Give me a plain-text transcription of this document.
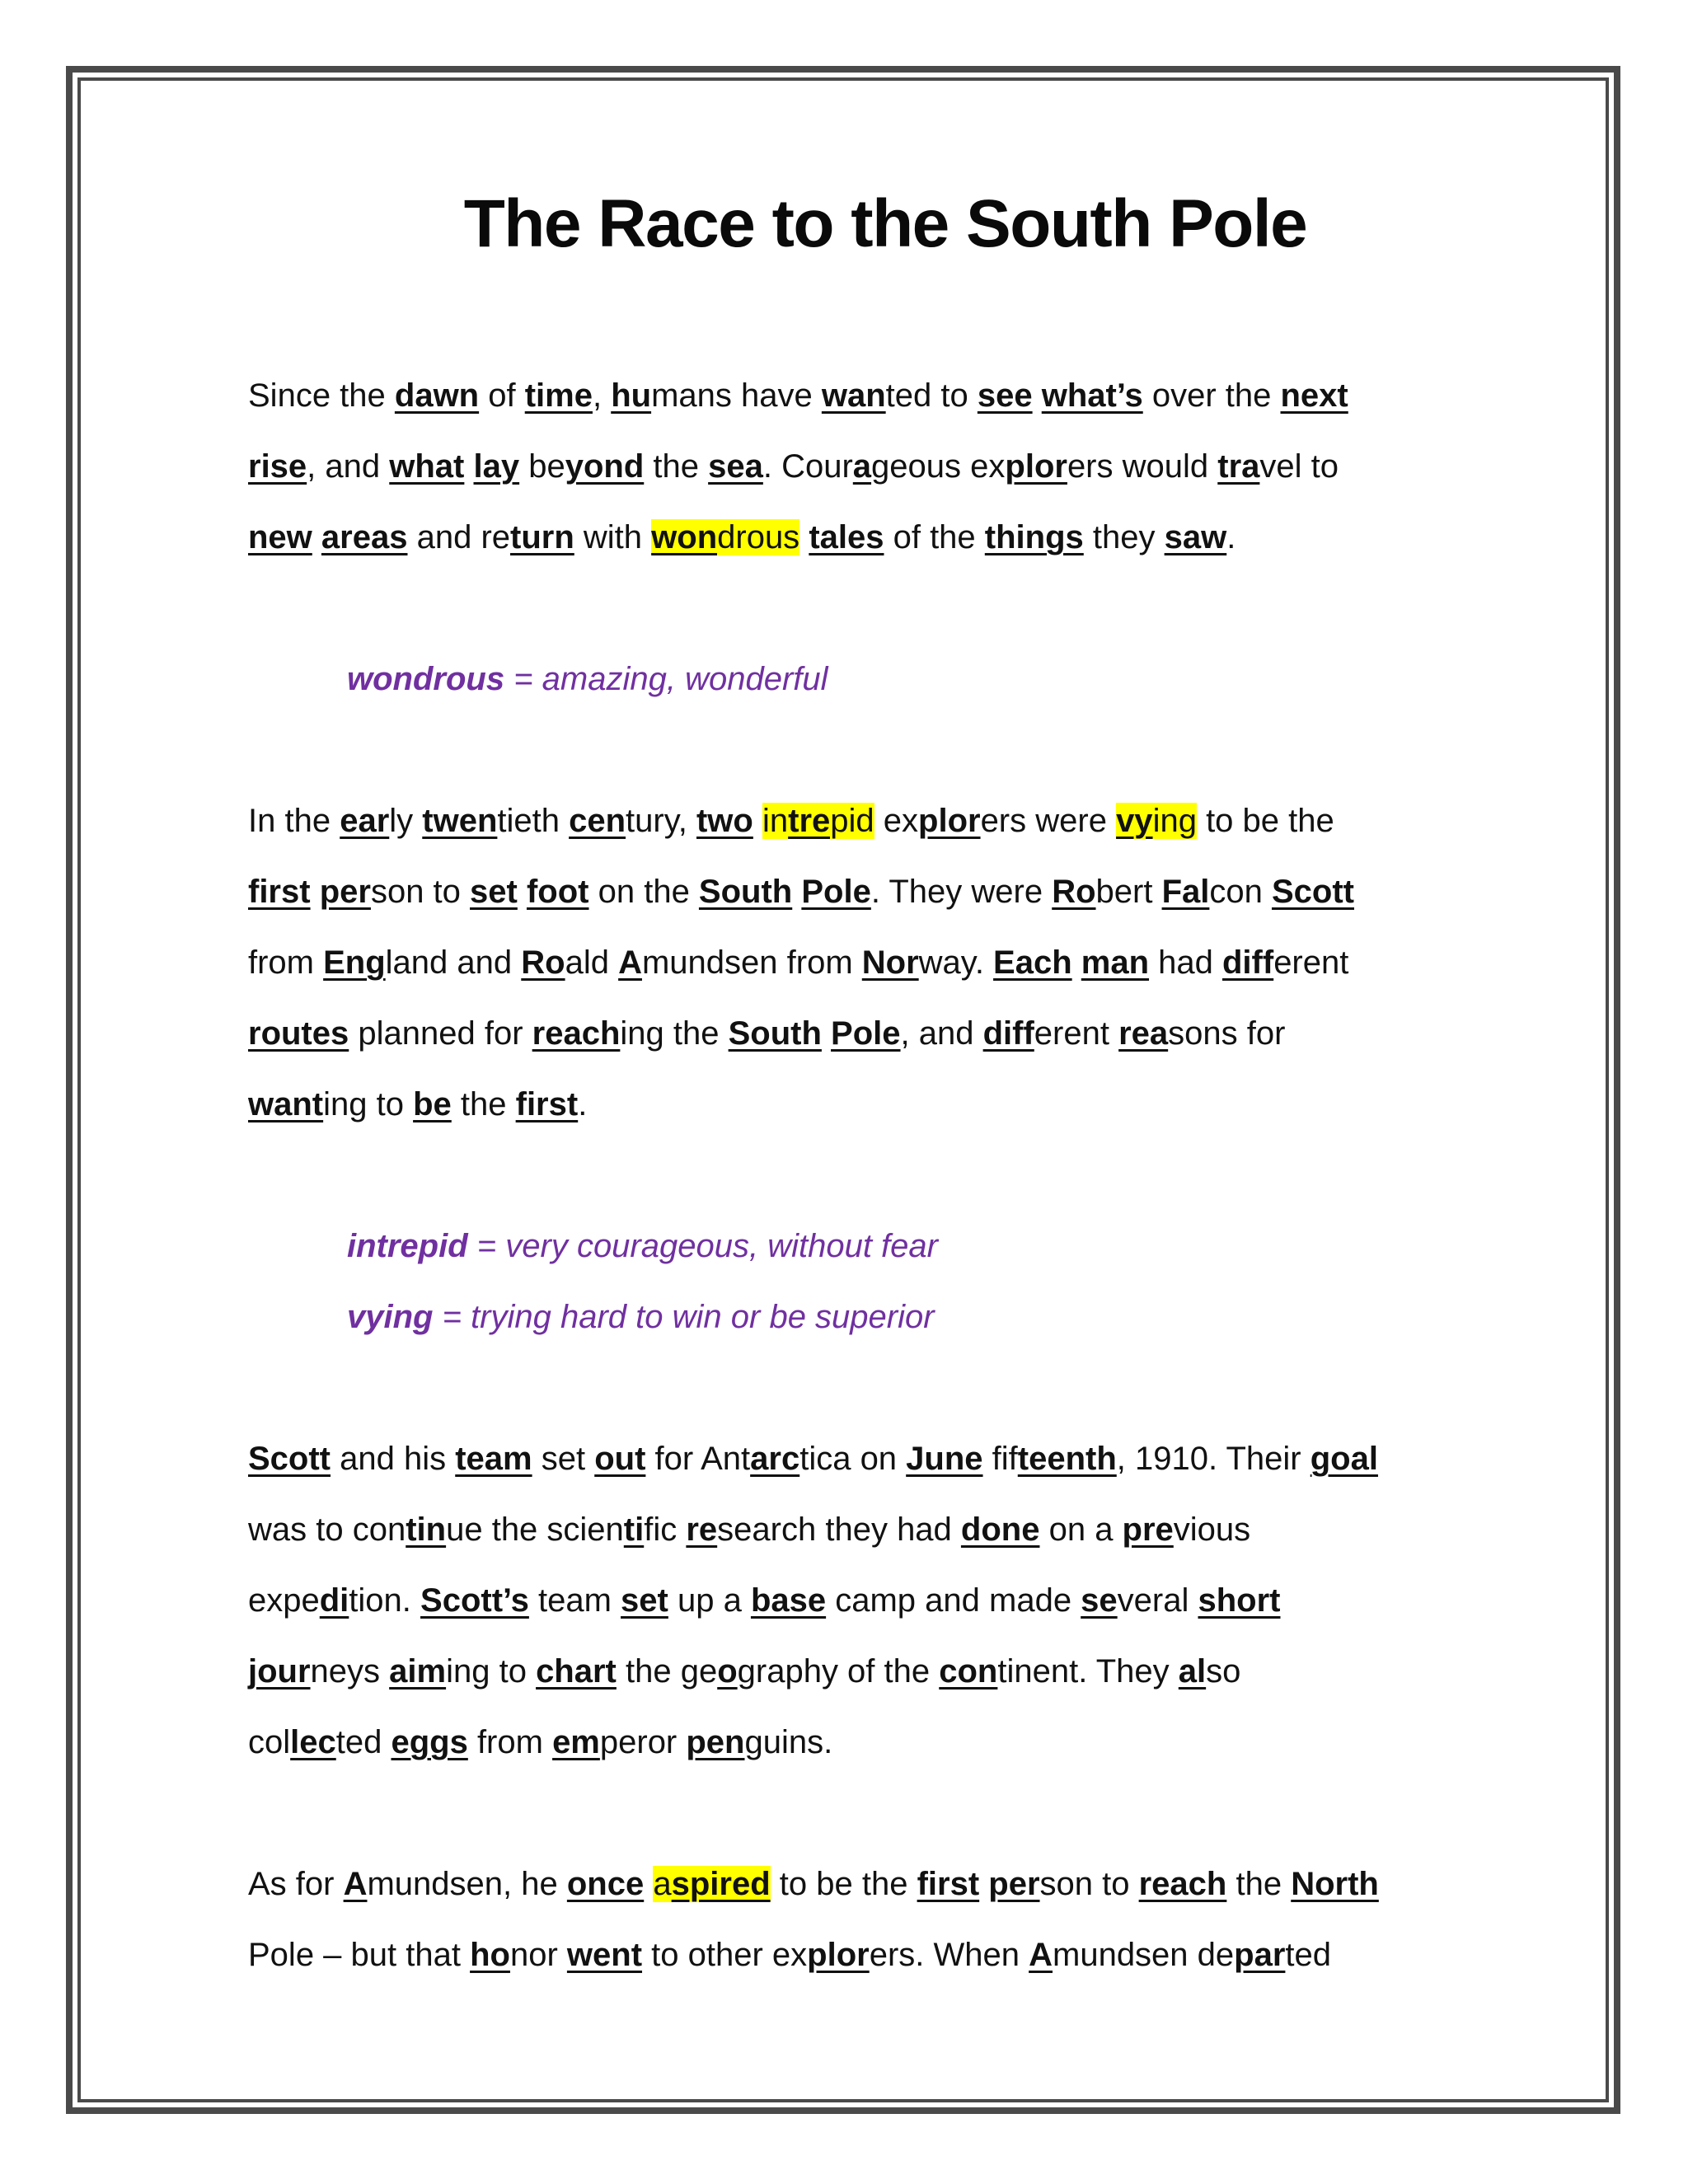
The Race to the South Pole
Since the dawn of time, humans have wanted to see what’s over the next
rise, and what lay beyond the sea. Courageous explorers would travel to
new areas and return with wondrous tales of the things they saw.
wondrous = amazing, wonderful
In the early twentieth century, two intrepid explorers were vying to be the
first person to set foot on the South Pole. They were Robert Falcon Scott
from England and Roald Amundsen from Norway. Each man had different
routes planned for reaching the South Pole, and different reasons for
wanting to be the first.
intrepid = very courageous, without fear
vying = trying hard to win or be superior
Scott and his team set out for Antarctica on June fifteenth, 1910. Their goal
was to continue the scientific research they had done on a previous
expedition. Scott’s team set up a base camp and made several short
journeys aiming to chart the geography of the continent. They also
collected eggs from emperor penguins.
As for Amundsen, he once aspired to be the first person to reach the North
Pole – but that honor went to other explorers. When Amundsen departed
